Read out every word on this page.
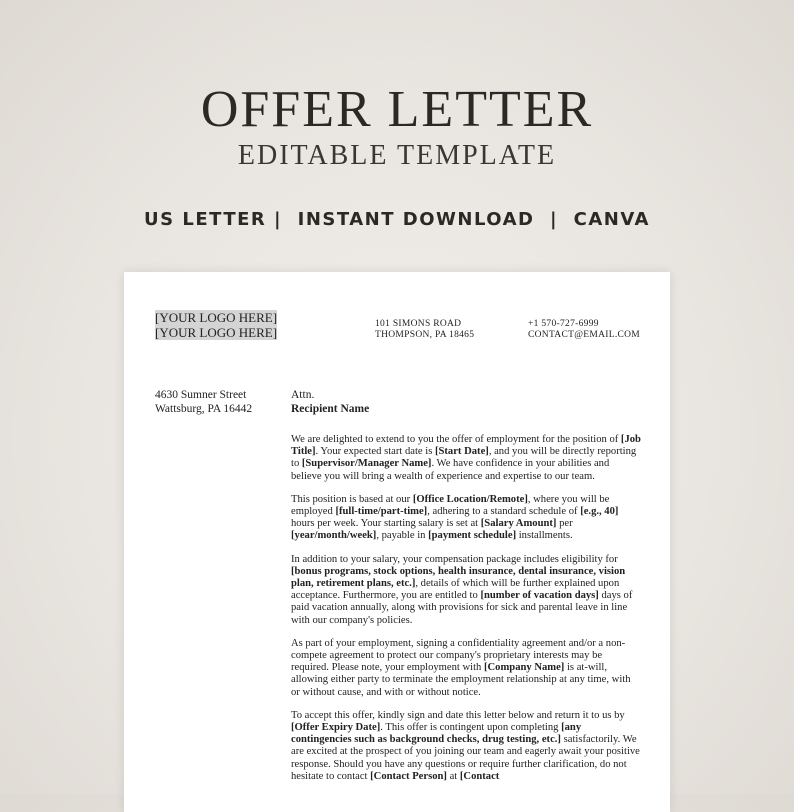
OFFER LETTER
EDITABLE TEMPLATE
US LETTER |  INSTANT DOWNLOAD  |  CANVA
[YOUR LOGO HERE]
[YOUR LOGO HERE]
101 SIMONS ROAD
THOMPSON, PA 18465
+1 570-727-6999
CONTACT@EMAIL.COM
4630 Sumner Street
Wattsburg, PA 16442
Attn.
Recipient Name

We are delighted to extend to you the offer of employment for the position of [Job Title]. Your expected start date is [Start Date], and you will be directly reporting to [Supervisor/Manager Name]. We have confidence in your abilities and believe you will bring a wealth of experience and expertise to our team.

This position is based at our [Office Location/Remote], where you will be employed [full-time/part-time], adhering to a standard schedule of [e.g., 40] hours per week. Your starting salary is set at [Salary Amount] per [year/month/week], payable in [payment schedule] installments.

In addition to your salary, your compensation package includes eligibility for [bonus programs, stock options, health insurance, dental insurance, vision plan, retirement plans, etc.], details of which will be further explained upon acceptance. Furthermore, you are entitled to [number of vacation days] days of paid vacation annually, along with provisions for sick and parental leave in line with our company's policies.

As part of your employment, signing a confidentiality agreement and/or a non-compete agreement to protect our company's proprietary interests may be required. Please note, your employment with [Company Name] is at-will, allowing either party to terminate the employment relationship at any time, with or without cause, and with or without notice.

To accept this offer, kindly sign and date this letter below and return it to us by [Offer Expiry Date]. This offer is contingent upon completing [any contingencies such as background checks, drug testing, etc.] satisfactorily. We are excited at the prospect of you joining our team and eagerly await your positive response. Should you have any questions or require further clarification, do not hesitate to contact [Contact Person] at [Contact
